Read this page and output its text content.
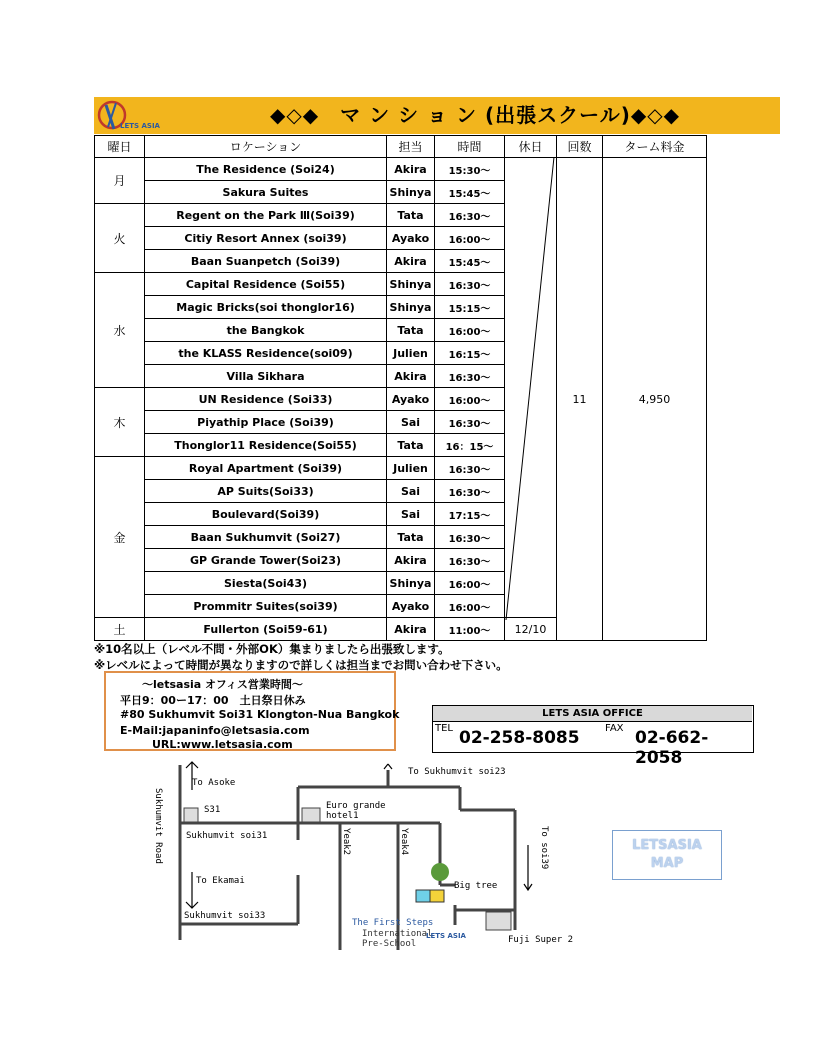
LETS ASIA	◆◇◆　マ ン シ ョ ン (出張スクール)◆◇◆
曜日	ロケーション	担当	時間	休日	回数	ターム料金
月	The Residence (Soi24)	Akira	15:30～		11	4,950
	Sakura Suites	Shinya	15:45～			
火	Regent on the Park Ⅲ(Soi39)	Tata	16:30～			
	Citiy Resort Annex (soi39)	Ayako	16:00～			
	Baan Suanpetch (Soi39)	Akira	15:45～			
水	Capital Residence (Soi55)	Shinya	16:30～			
	Magic Bricks(soi thonglor16)	Shinya	15:15～			
	the Bangkok	Tata	16:00～			
	the KLASS Residence(soi09)	Julien	16:15～			
	Villa Sikhara	Akira	16:30～			
木	UN Residence (Soi33)	Ayako	16:00～			
	Piyathip Place (Soi39)	Sai	16:30～			
	Thonglor11 Residence(Soi55)	Tata	16：15～			
金	Royal Apartment (Soi39)	Julien	16:30～			
	AP Suits(Soi33)	Sai	16:30～			
	Boulevard(Soi39)	Sai	17:15～			
	Baan Sukhumvit (Soi27)	Tata	16:30～			
	GP Grande Tower(Soi23)	Akira	16:30～			
	Siesta(Soi43)	Shinya	16:00～			
	Prommitr Suites(soi39)	Ayako	16:00～			
土	Fullerton (Soi59-61)	Akira	11:00～	12/10		
※10名以上（レベル不問・外部OK）集まりましたら出張致します。
※レベルによって時間が異なりますので詳しくは担当までお問い合わせ下さい。
～letsasia オフィス営業時間～
平日9：00ー17：00　土日祭日休み
#80 Sukhumvit Soi31 Klongton-Nua Bangkok
E-Mail:japaninfo@letsasia.com
URL:www.letsasia.com
LETS ASIA OFFICE
TEL 02-258-8085	FAX 02-662-2058
To Asoke
S31
Sukhumvit soi31
To Ekamai
Sukhumvit soi33
To Sukhumvit soi23
Euro grande
hotel1
Big tree
Fuji Super 2
The First Steps
International
Pre-School
LETS ASIA
Sukhumvit Road	Yeak2	Yeak4	To soi39	LETSASIA
MAP
